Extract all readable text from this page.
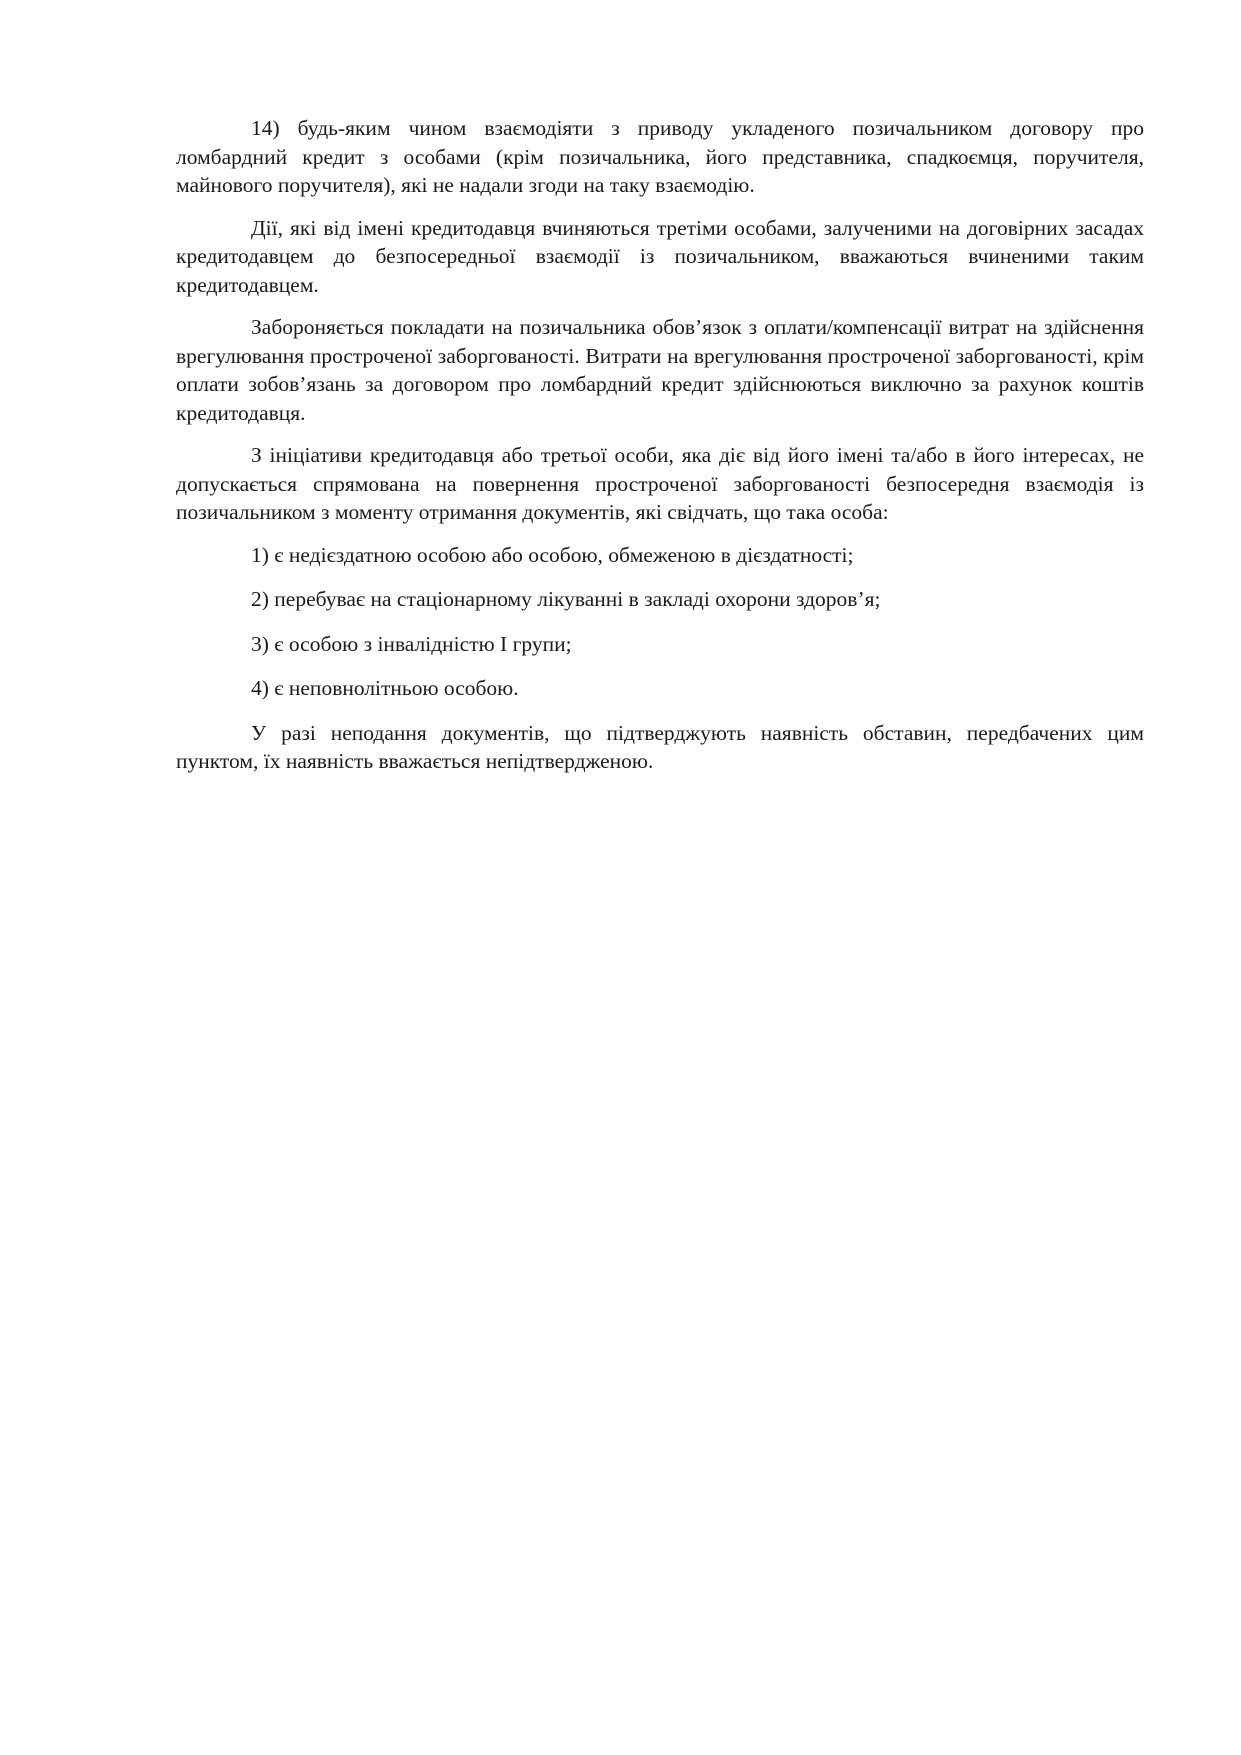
14) будь-яким чином взаємодіяти з приводу укладеного позичальником договору про ломбардний кредит з особами (крім позичальника, його представника, спадкоємця, поручителя, майнового поручителя), які не надали згоди на таку взаємодію.

Дії, які від імені кредитодавця вчиняються третіми особами, залученими на договірних засадах кредитодавцем до безпосередньої взаємодії із позичальником, вважаються вчиненими таким кредитодавцем.

Забороняється покладати на позичальника обов’язок з оплати/компенсації витрат на здійснення врегулювання простроченої заборгованості. Витрати на врегулювання простроченої заборгованості, крім оплати зобов’язань за договором про ломбардний кредит здійснюються виключно за рахунок коштів кредитодавця.

З ініціативи кредитодавця або третьої особи, яка діє від його імені та/або в його інтересах, не допускається спрямована на повернення простроченої заборгованості безпосередня взаємодія із позичальником з моменту отримання документів, які свідчать, що така особа:

1) є недієздатною особою або особою, обмеженою в дієздатності;

2) перебуває на стаціонарному лікуванні в закладі охорони здоров’я;

3) є особою з інвалідністю I групи;

4) є неповнолітньою особою.

У разі неподання документів, що підтверджують наявність обставин, передбачених цим пунктом, їх наявність вважається непідтвердженою.
